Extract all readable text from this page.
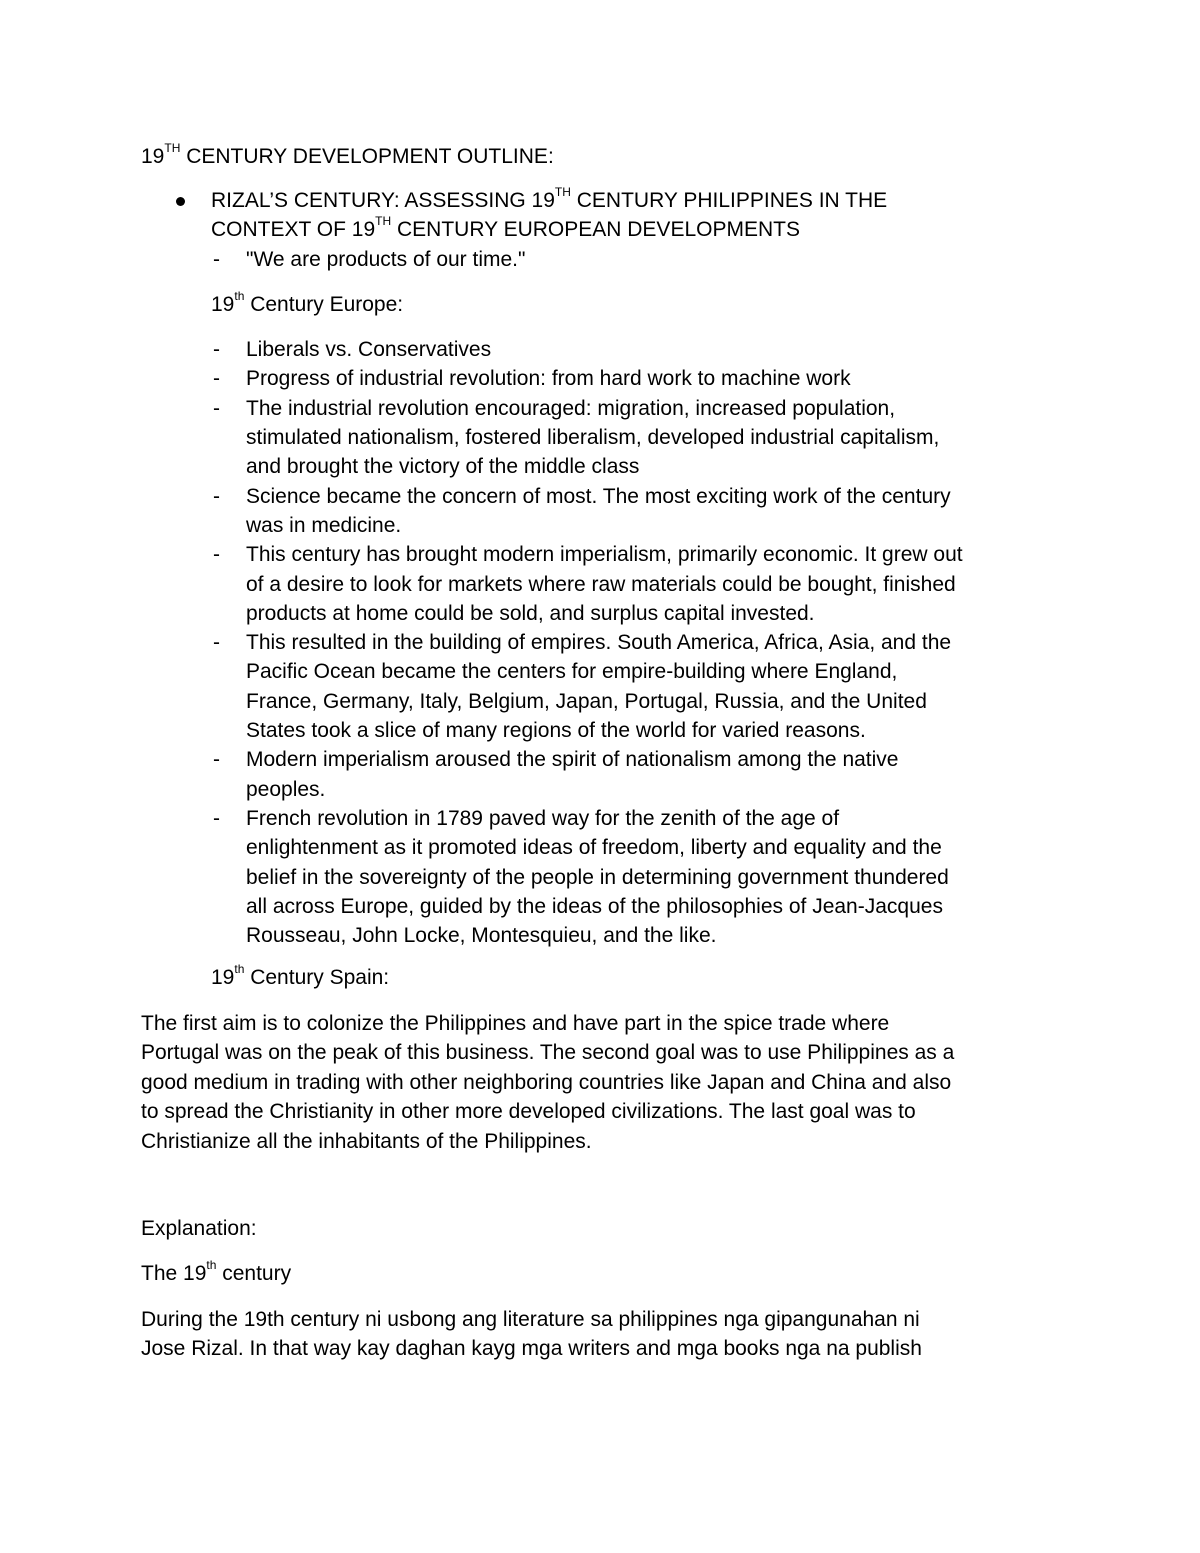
19TH CENTURY DEVELOPMENT OUTLINE:
RIZAL’S CENTURY: ASSESSING 19TH CENTURY PHILIPPINES IN THE
CONTEXT OF 19TH CENTURY EUROPEAN DEVELOPMENTS
- "We are products of our time."
19th Century Europe:
- Liberals vs. Conservatives
- Progress of industrial revolution: from hard work to machine work
- The industrial revolution encouraged: migration, increased population,
stimulated nationalism, fostered liberalism, developed industrial capitalism,
and brought the victory of the middle class
- Science became the concern of most. The most exciting work of the century
was in medicine.
- This century has brought modern imperialism, primarily economic. It grew out
of a desire to look for markets where raw materials could be bought, finished
products at home could be sold, and surplus capital invested.
- This resulted in the building of empires. South America, Africa, Asia, and the
Pacific Ocean became the centers for empire-building where England,
France, Germany, Italy, Belgium, Japan, Portugal, Russia, and the United
States took a slice of many regions of the world for varied reasons.
- Modern imperialism aroused the spirit of nationalism among the native
peoples.
- French revolution in 1789 paved way for the zenith of the age of
enlightenment as it promoted ideas of freedom, liberty and equality and the
belief in the sovereignty of the people in determining government thundered
all across Europe, guided by the ideas of the philosophies of Jean-Jacques
Rousseau, John Locke, Montesquieu, and the like.
19th Century Spain:
The first aim is to colonize the Philippines and have part in the spice trade where
Portugal was on the peak of this business. The second goal was to use Philippines as a
good medium in trading with other neighboring countries like Japan and China and also
to spread the Christianity in other more developed civilizations. The last goal was to
Christianize all the inhabitants of the Philippines.
Explanation:
The 19th century
During the 19th century ni usbong ang literature sa philippines nga gipangunahan ni
Jose Rizal. In that way kay daghan kayg mga writers and mga books nga na publish
